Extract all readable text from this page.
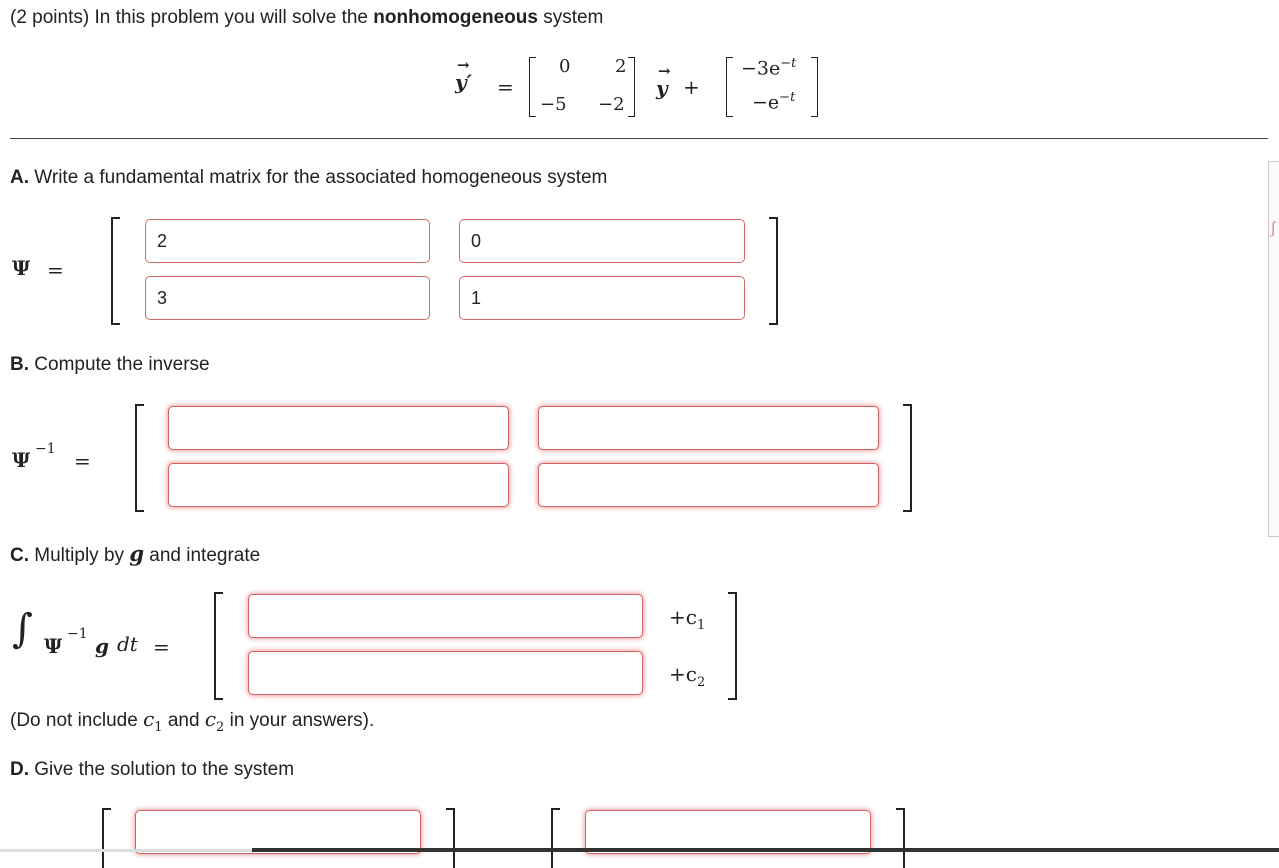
(2 points) In this problem you will solve the nonhomogeneous system
→
y′ =
0 2
−5 −2
→
y +
$-3e^{-t}$
$-e^{-t}$
A. Write a fundamental matrix for the associated homogeneous system
Ψ =
2
0
3
1
B. Compute the inverse
Ψ −1 =
C. Multiply by g and integrate
∫ Ψ −1 g dt =
$+c_1$
$+c_2$
(Do not include $c_1$ and $c_2$ in your answers).
D. Give the solution to the system
∫
